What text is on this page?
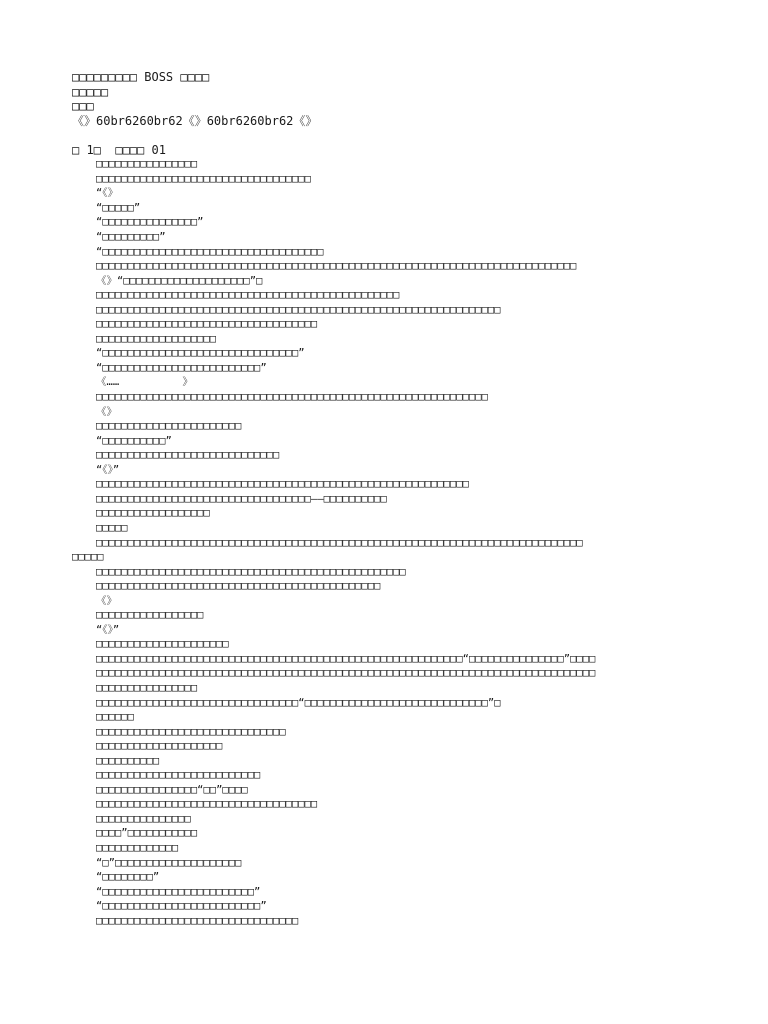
□□□□□□□□□ BOSS □□□□
□□□□□
□□□
《》60br6260br62《》60br6260br62《》
□ 1□  □□□□ 01
□□□□□□□□□□□□□□□□
□□□□□□□□□□□□□□□□□□□□□□□□□□□□□□□□□□
“《》
“□□□□□”
“□□□□□□□□□□□□□□□”
“□□□□□□□□□”
“□□□□□□□□□□□□□□□□□□□□□□□□□□□□□□□□□□□
□□□□□□□□□□□□□□□□□□□□□□□□□□□□□□□□□□□□□□□□□□□□□□□□□□□□□□□□□□□□□□□□□□□□□□□□□□□□
《》“□□□□□□□□□□□□□□□□□□□□”□
□□□□□□□□□□□□□□□□□□□□□□□□□□□□□□□□□□□□□□□□□□□□□□□□
□□□□□□□□□□□□□□□□□□□□□□□□□□□□□□□□□□□□□□□□□□□□□□□□□□□□□□□□□□□□□□□□
□□□□□□□□□□□□□□□□□□□□□□□□□□□□□□□□□□□
□□□□□□□□□□□□□□□□□□□
“□□□□□□□□□□□□□□□□□□□□□□□□□□□□□□□”
“□□□□□□□□□□□□□□□□□□□□□□□□□”
《……          》
□□□□□□□□□□□□□□□□□□□□□□□□□□□□□□□□□□□□□□□□□□□□□□□□□□□□□□□□□□□□□□
《》
□□□□□□□□□□□□□□□□□□□□□□□
“□□□□□□□□□□”
□□□□□□□□□□□□□□□□□□□□□□□□□□□□□
“《》”
□□□□□□□□□□□□□□□□□□□□□□□□□□□□□□□□□□□□□□□□□□□□□□□□□□□□□□□□□□□
□□□□□□□□□□□□□□□□□□□□□□□□□□□□□□□□□□——□□□□□□□□□□
□□□□□□□□□□□□□□□□□□
□□□□□
□□□□□□□□□□□□□□□□□□□□□□□□□□□□□□□□□□□□□□□□□□□□□□□□□□□□□□□□□□□□□□□□□□□□□□□□□□□□□
□□□□□
□□□□□□□□□□□□□□□□□□□□□□□□□□□□□□□□□□□□□□□□□□□□□□□□□
□□□□□□□□□□□□□□□□□□□□□□□□□□□□□□□□□□□□□□□□□□□□□
《》
□□□□□□□□□□□□□□□□□
“《》”
□□□□□□□□□□□□□□□□□□□□□
□□□□□□□□□□□□□□□□□□□□□□□□□□□□□□□□□□□□□□□□□□□□□□□□□□□□□□□□□□“□□□□□□□□□□□□□□□”□□□□
□□□□□□□□□□□□□□□□□□□□□□□□□□□□□□□□□□□□□□□□□□□□□□□□□□□□□□□□□□□□□□□□□□□□□□□□□□□□□□□
□□□□□□□□□□□□□□□□
□□□□□□□□□□□□□□□□□□□□□□□□□□□□□□□□“□□□□□□□□□□□□□□□□□□□□□□□□□□□□□”□
□□□□□□
□□□□□□□□□□□□□□□□□□□□□□□□□□□□□□
□□□□□□□□□□□□□□□□□□□□
□□□□□□□□□□
□□□□□□□□□□□□□□□□□□□□□□□□□□
□□□□□□□□□□□□□□□□“□□”□□□□
□□□□□□□□□□□□□□□□□□□□□□□□□□□□□□□□□□□
□□□□□□□□□□□□□□□
□□□□”□□□□□□□□□□□
□□□□□□□□□□□□□
“□”□□□□□□□□□□□□□□□□□□□□
“□□□□□□□□”
“□□□□□□□□□□□□□□□□□□□□□□□□”
“□□□□□□□□□□□□□□□□□□□□□□□□□”
□□□□□□□□□□□□□□□□□□□□□□□□□□□□□□□□
